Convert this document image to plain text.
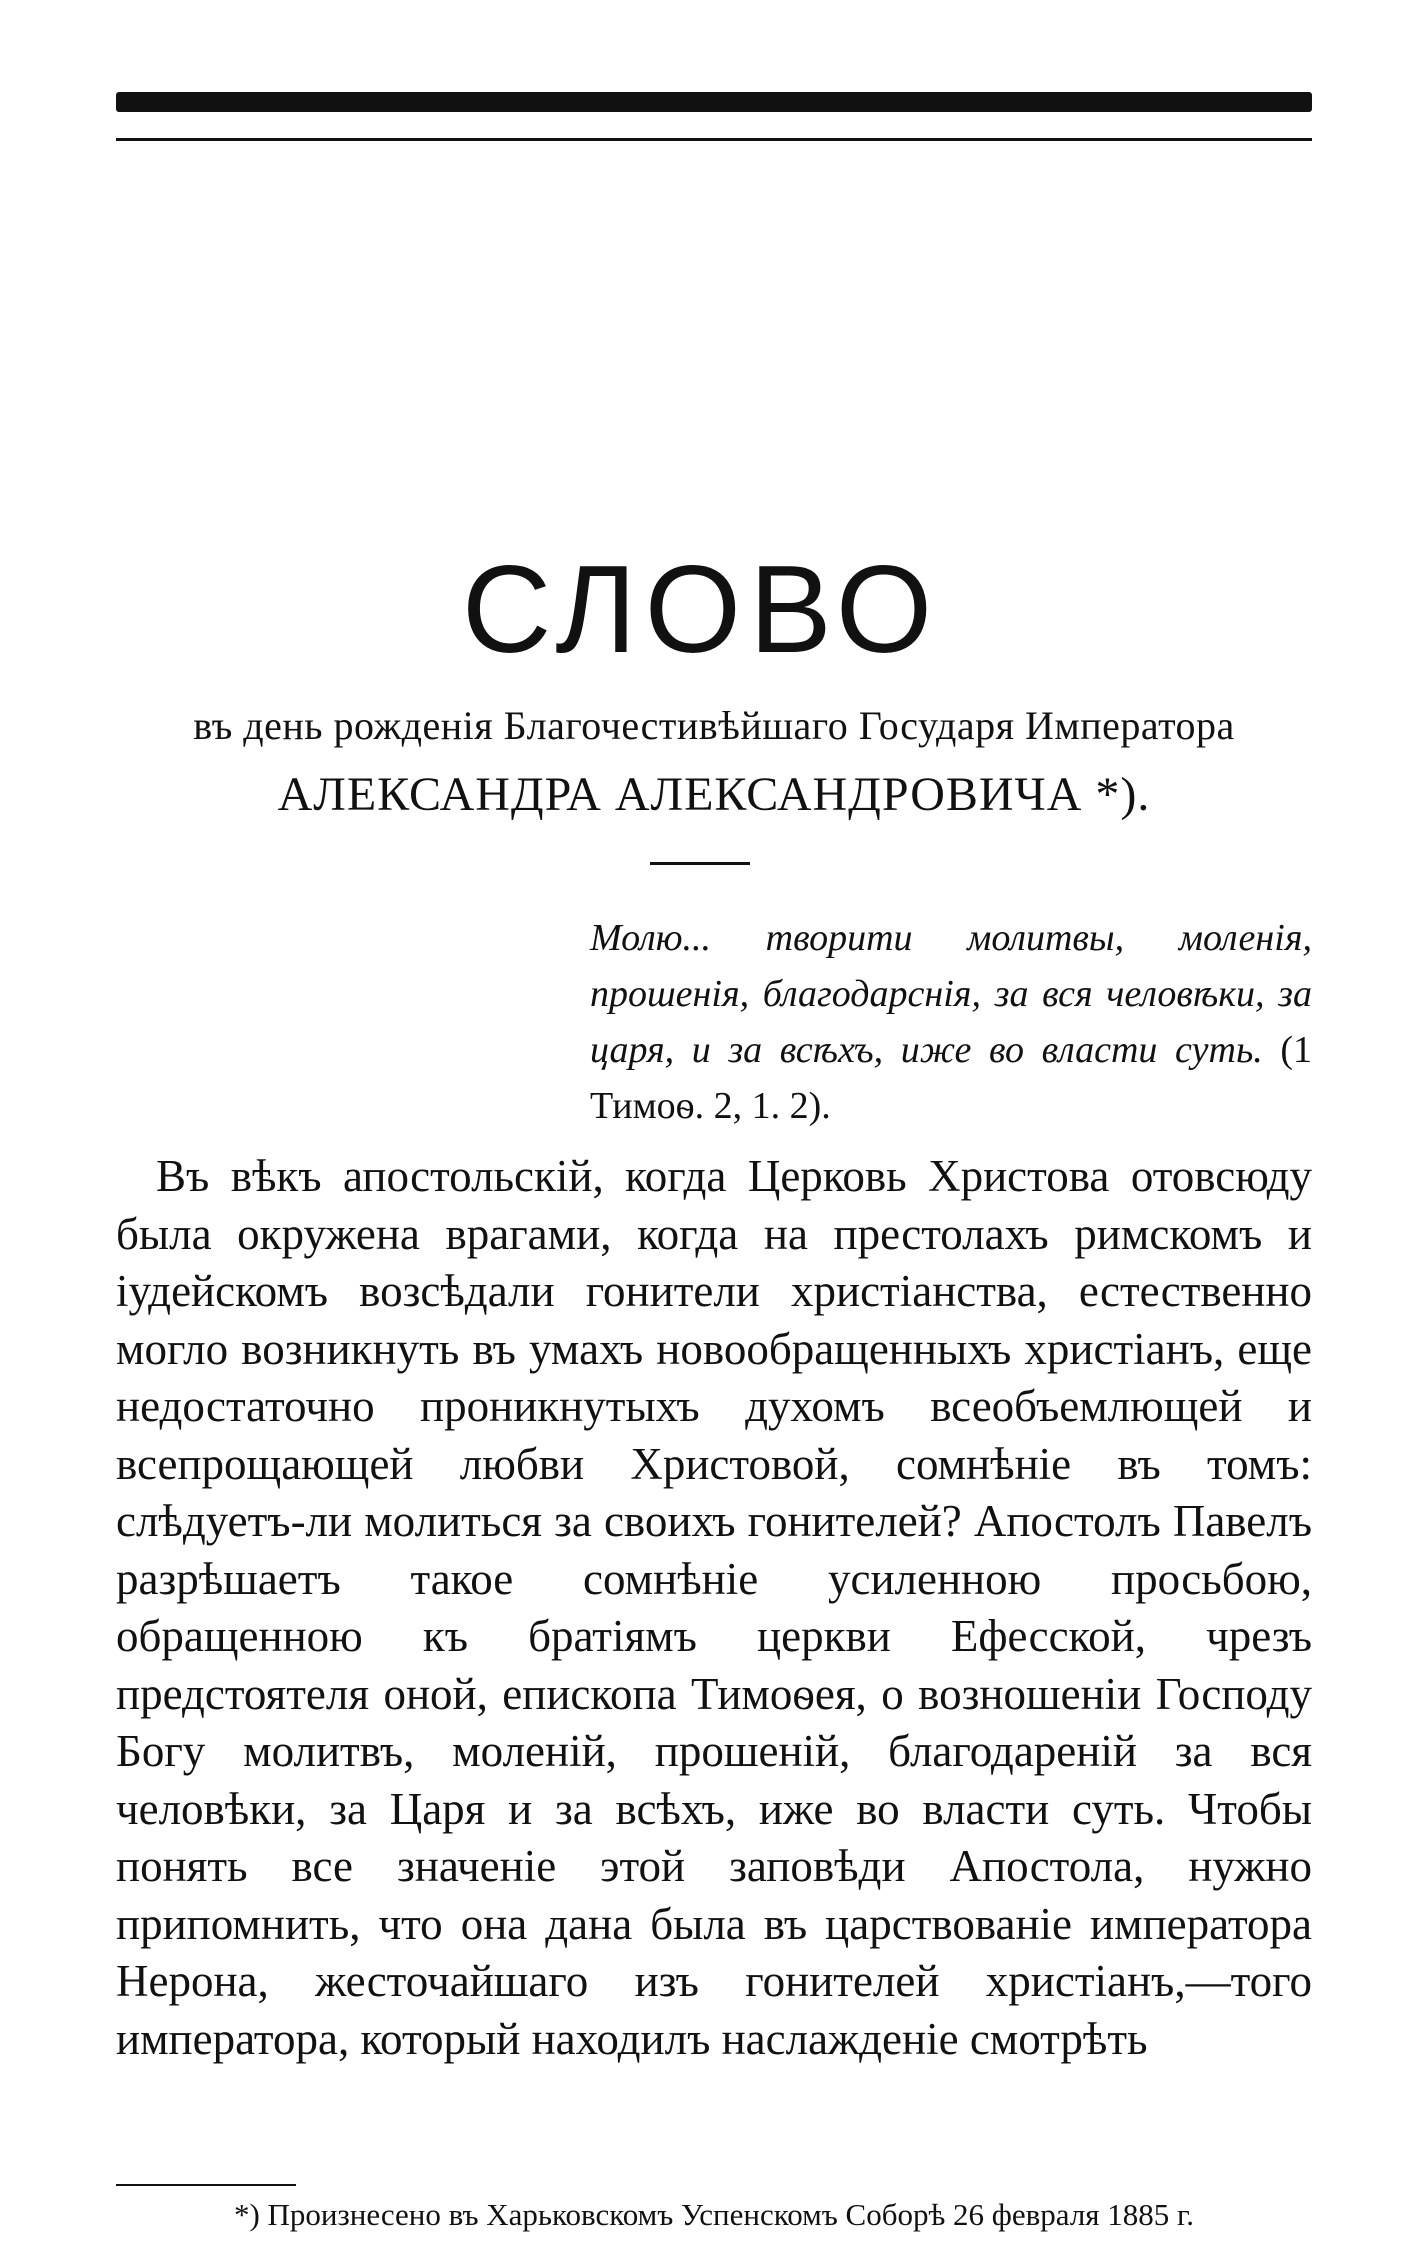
СЛОВО
въ день рожденія Благочестивѣйшаго Государя Императора
АЛЕКСАНДРА АЛЕКСАНДРОВИЧА *).
Молю... творити молитвы, моленія, прошенія, благодарснія, за вся человѣки, за царя, и за всѣхъ, иже во власти суть. (1 Тимоѳ. 2, 1. 2).
Въ вѣкъ апостольскій, когда Церковь Христова отовсюду была окружена врагами, когда на престолахъ римскомъ и іудейскомъ возсѣдали гонители христіанства, естественно могло возникнуть въ умахъ новообращенныхъ христіанъ, еще недостаточно проникнутыхъ духомъ всеобъемлющей и всепрощающей любви Христовой, сомнѣніе въ томъ: слѣдуетъ-ли молиться за своихъ гонителей? Апостолъ Павелъ разрѣшаетъ такое сомнѣніе усиленною просьбою, обращенною къ братіямъ церкви Ефесской, чрезъ предстоятеля оной, епископа Тимоѳея, о возношеніи Господу Богу молитвъ, моленій, прошеній, благодареній за вся человѣки, за Царя и за всѣхъ, иже во власти суть. Чтобы понять все значеніе этой заповѣди Апостола, нужно припомнить, что она дана была въ царствованіе императора Нерона, жесточайшаго изъ гонителей христіанъ,—того императора, который находилъ наслажденіе смотрѣть
*) Произнесено въ Харьковскомъ Успенскомъ Соборѣ 26 февраля 1885 г.
